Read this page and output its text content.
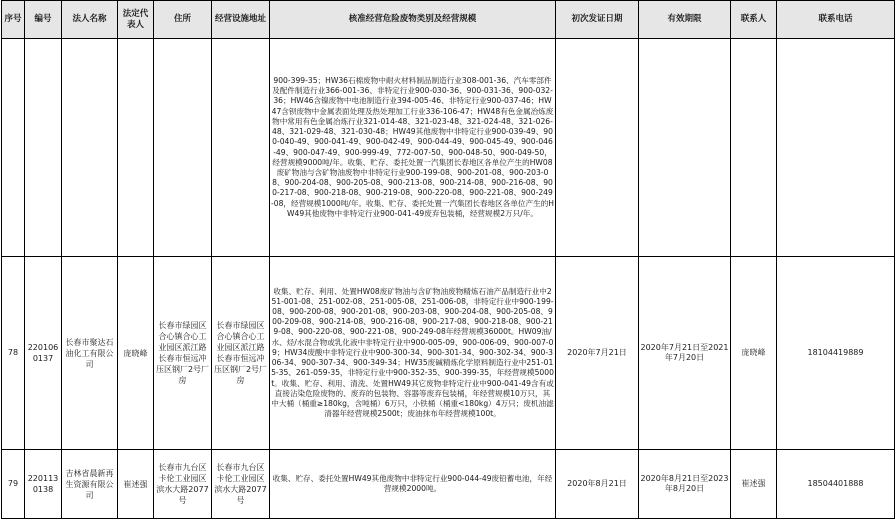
序号	编号	法人名称	法定代表人	住所	经营设施地址	核准经营危险废物类别及经营规模	初次发证日期	有效期限	联系人	联系电话
						900-399-35；HW36石棉废物中耐火材料制品制造行业308-001-36、汽车零部件及配件制造行业366-001-36、非特定行业900-030-36、900-031-36、900-032-36；HW46含镍废物中电池制造行业394-005-46、非特定行业900-037-46；HW47含钡废物中金属表面处理及热处理加工行业336-106-47；HW48有色金属冶炼废物中常用有色金属冶炼行业321-014-48、321-023-48、321-024-48、321-026-48、321-029-48、321-030-48；HW49其他废物中非特定行业900-039-49、900-040-49、900-041-49、900-042-49、900-044-49、900-045-49、900-046-49、900-047-49、900-999-49、772-007-50、900-048-50、900-049-50，经营规模9000吨/年。收集、贮存、委托处置一汽集团长春地区各单位产生的HW08废矿物油与含矿物油废物中非特定行业900-199-08、900-201-08、900-203-08、900-204-08、900-205-08、900-213-08、900-214-08、900-216-08、900-217-08、900-218-08、900-219-08、900-220-08、900-221-08、900-249-08，经营规模1000吨/年。收集、贮存、委托处置一汽集团长春地区各单位产生的HW49其他废物中非特定行业900-041-49废弃包装桶，经营规模2万只/年。				
78	2201060137	长春市聚达石油化工有限公司	庞晓峰	长春市绿园区合心镇合心工业园区派江路长春市恒远冲压区钢厂2号厂房	长春市绿园区合心镇合心工业园区派江路长春市恒远冲压区钢厂2号厂房	收集、贮存、利用、处置HW08废矿物油与含矿物油废物精炼石油产品制造行业中251-001-08、251-002-08、251-005-08、251-006-08，非特定行业中900-199-08、900-200-08、900-201-08、900-203-08、900-204-08、900-205-08、900-209-08、900-214-08、900-216-08、900-217-08、900-218-08、900-219-08、900-220-08、900-221-08、900-249-08年经营规模36000t。HW09油/水、烃/水混合物或乳化液中非特定行业中900-005-09、900-006-09、900-007-09；HW34废酸中非特定行业中900-300-34、900-301-34、900-302-34、900-306-34、900-307-34、900-349-34；HW35废碱精炼化学原料制造行业中251-015-35、261-059-35，非特定行业中900-352-35、900-399-35，年经营规模5000t。收集、贮存、利用、清洗、处置HW49其它废物非特定行业中900-041-49含有或直接沾染危险废物的、废弃的包装物、容器等废弃包装桶，年经营规模10万只，其中大桶（桶重≥180kg，含吨桶）6万只，小铁桶（桶重<180kg）4万只；废机油滤清器年经营规模2500t；废油抹布年经营规模100t。	2020年7月21日	2020年7月21日至2021年7月20日	庞晓峰	18104419889
79	2201130138	吉林省晨新再生资源有限公司	崔述强	长春市九台区卡伦工业园区滨水大路2077号	长春市九台区卡伦工业园区滨水大路2077号	收集、贮存、委托处置HW49其他废物中非特定行业900-044-49废铅蓄电池，年经营规模2000吨。	2020年8月21日	2020年8月21日至2023年8月20日	崔述强	18504401888
